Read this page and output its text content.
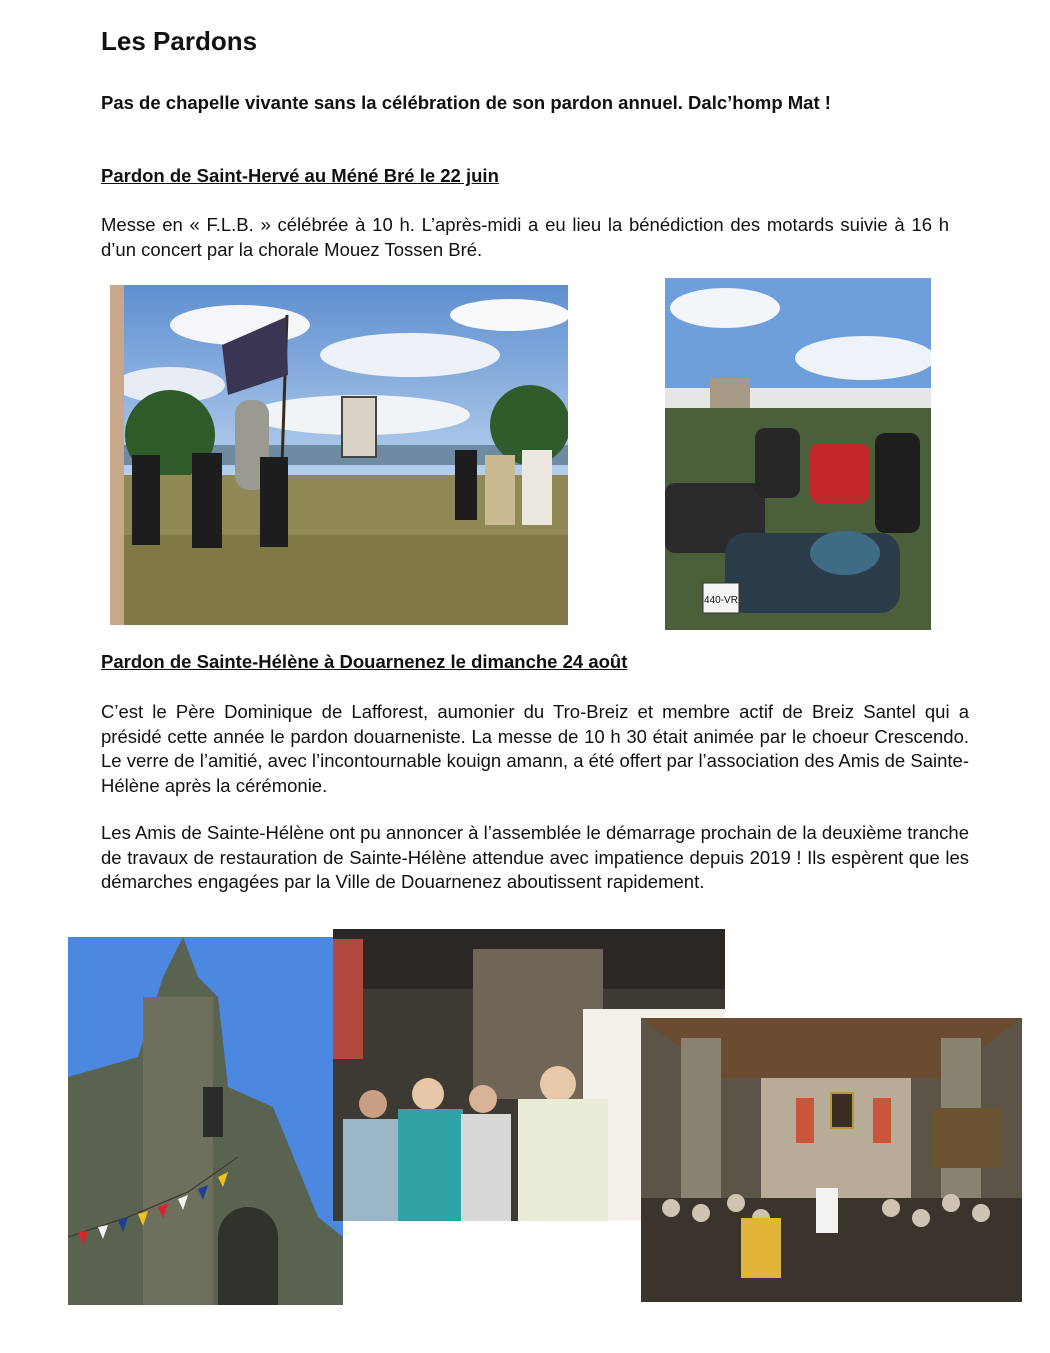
Les Pardons
Pas de chapelle vivante sans la célébration de son pardon annuel. Dalc’homp Mat !
Pardon de Saint-Hervé au Méné Bré le 22 juin
Messe en « F.L.B. » célébrée à 10 h. L’après-midi a eu lieu la bénédiction des motards suivie à 16 h d’un concert par la chorale Mouez Tossen Bré.
440-VR
Pardon de Sainte-Hélène à Douarnenez le dimanche 24 août
C’est le Père Dominique de Lafforest, aumonier du Tro-Breiz et membre actif de Breiz Santel qui a présidé cette année le pardon douarneniste. La messe de 10 h 30 était animée par le choeur Crescendo. Le verre de l’amitié, avec l’incontournable kouign amann, a été offert par l’association des Amis de Sainte-Hélène après la cérémonie.
Les Amis de Sainte-Hélène ont pu annoncer à l’assemblée le démarrage prochain de la deuxième tranche de travaux de restauration de Sainte-Hélène attendue avec impatience depuis 2019 ! Ils espèrent que les démarches engagées par la Ville de Douarnenez aboutissent rapidement.
